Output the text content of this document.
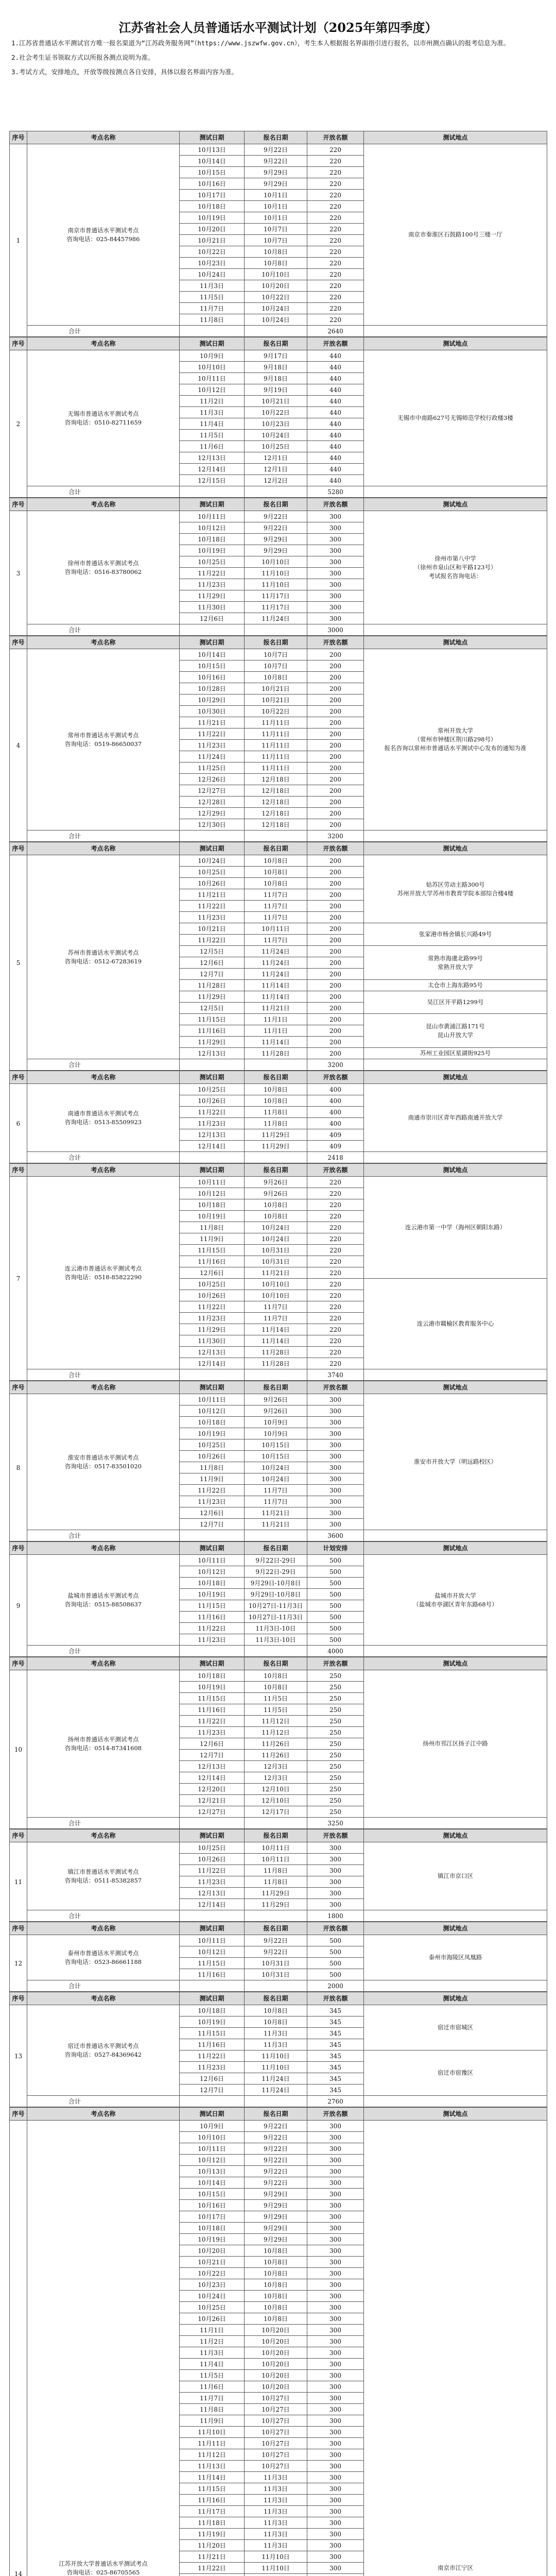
江苏省社会人员普通话水平测试计划（2025年第四季度）

1.江苏省普通话水平测试官方唯一报名渠道为“江苏政务服务网”（https://www.jszwfw.gov.cn），考生本人根据报名界面指引进行报名，以市州测点确认的报考信息为准。

2.社会考生证书领取方式以所报各测点说明为准。

3.考试方式，安排地点，开放等级按测点各自安排，具体以报名界面内容为准。

序号	考点名称	测试日期	报名日期	开放名额	测试地点
1	南京市普通话水平测试考点
咨询电话：025-84457986	10月13日	9月22日	220	南京市秦淮区石鼓路100号三楼一厅
		10月14日	9月22日	220	
		10月15日	9月29日	220	
		10月16日	9月29日	220	
		10月17日	10月1日	220	
		10月18日	10月1日	220	
		10月19日	10月1日	220	
		10月20日	10月7日	220	
		10月21日	10月7日	220	
		10月22日	10月8日	220	
		10月23日	10月8日	220	
		10月24日	10月10日	220	
		11月3日	10月20日	220	
		11月5日	10月22日	220	
		11月7日	10月24日	220	
		11月8日	10月24日	220	
	合计			2640	
序号	考点名称	测试日期	报名日期	开放名额	测试地点
2	无锡市普通话水平测试考点
咨询电话：0510-82711659	10月9日	9月17日	440	无锡市中南路627号无锡师范学校行政楼3楼
		10月10日	9月18日	440	
		10月11日	9月18日	440	
		10月12日	9月19日	440	
		11月2日	10月21日	440	
		11月3日	10月22日	440	
		11月4日	10月23日	440	
		11月5日	10月24日	440	
		11月6日	10月25日	440	
		12月13日	12月1日	440	
		12月14日	12月1日	440	
		12月15日	12月2日	440	
	合计			5280	
序号	考点名称	测试日期	报名日期	开放名额	测试地点
3	徐州市普通话水平测试考点
咨询电话：0516-83780062	10月11日	9月22日	300	徐州市第八中学
（徐州市泉山区和平路123号）
考试报名咨询电话：
		10月12日	9月22日	300	
		10月18日	9月29日	300	
		10月19日	9月29日	300	
		10月25日	10月10日	300	
		11月22日	11月10日	300	
		11月23日	11月10日	300	
		11月29日	11月17日	300	
		11月30日	11月17日	300	
		12月6日	11月24日	300	
	合计			3000	
序号	考点名称	测试日期	报名日期	开放名额	测试地点
4	常州市普通话水平测试考点
咨询电话：0519-86650037	10月14日	10月7日	200	常州开放大学
（常州市钟楼区荆川路298号）
报名咨询以常州市普通话水平测试中心发布的通知为准
		10月15日	10月7日	200	
		10月16日	10月8日	200	
		10月28日	10月21日	200	
		10月29日	10月21日	200	
		10月30日	10月22日	200	
		11月21日	11月11日	200	
		11月22日	11月11日	200	
		11月23日	11月11日	200	
		11月24日	11月11日	200	
		11月25日	11月11日	200	
		12月26日	12月18日	200	
		12月27日	12月18日	200	
		12月28日	12月18日	200	
		12月29日	12月18日	200	
		12月30日	12月18日	200	
	合计			3200	
序号	考点名称	测试日期	报名日期	开放名额	测试地点
5	苏州市普通话水平测试考点
咨询电话：0512-67283619	10月24日	10月8日	200	姑苏区劳动主路300号
苏州开放大学苏州市教育学院本部综合楼4楼
		10月25日	10月8日	200	
		10月26日	10月8日	200	
		11月21日	11月7日	200	
		11月22日	11月7日	200	
		11月23日	11月7日	200	
		10月21日	10月11日	200	张家港市杨舍镇长兴路49号
		11月22日	11月7日	200	
		12月5日	11月24日	200	常熟市海虞北路99号
常熟开放大学
		12月6日	11月24日	200	
		12月7日	11月24日	200	
		11月28日	11月14日	200	太仓市上海东路95号
		11月29日	11月14日	200	吴江区开平路1299号
		12月5日	11月21日	200	
		11月15日	11月1日	200	昆山市黄浦江路171号
昆山开放大学
		11月16日	11月1日	200	
		11月29日	11月14日	200	
		12月13日	11月28日	200	苏州工业园区星湖街925号
	合计			3200	
序号	考点名称	测试日期	报名日期	开放名额	测试地点
6	南通市普通话水平测试考点
咨询电话：0513-85509923	10月25日	10月8日	400	南通市崇川区青年西路南通开放大学
		10月26日	10月8日	400	
		11月22日	11月8日	400	
		11月23日	11月8日	400	
		12月13日	11月29日	409	
		12月14日	11月29日	409	
	合计			2418	
序号	考点名称	测试日期	报名日期	开放名额	测试地点
7	连云港市普通话水平测试考点
咨询电话：0518-85822290	10月11日	9月26日	220	连云港市第一中学（海州区朝阳东路）
		10月12日	9月26日	220	
		10月18日	10月8日	220	
		10月19日	10月8日	220	
		11月8日	10月24日	220	
		11月9日	10月24日	220	
		11月15日	10月31日	220	
		11月16日	10月31日	220	
		12月6日	11月21日	220	
		10月25日	10月10日	220	连云港市赣榆区教育服务中心
		10月26日	10月10日	220	
		11月22日	11月7日	220	
		11月23日	11月7日	220	
		11月29日	11月14日	220	
		11月30日	11月14日	220	
		12月13日	11月28日	220	
		12月14日	11月28日	220	
	合计			3740	
序号	考点名称	测试日期	报名日期	开放名额	测试地点
8	淮安市普通话水平测试考点
咨询电话：0517-83501020	10月11日	9月26日	300	淮安市开放大学（明远路校区）
		10月12日	9月26日	300	
		10月18日	10月9日	300	
		10月19日	10月9日	300	
		10月25日	10月15日	300	
		10月26日	10月15日	300	
		11月8日	10月24日	300	
		11月9日	10月24日	300	
		11月22日	11月7日	300	
		11月23日	11月7日	300	
		12月6日	11月21日	300	
		12月7日	11月21日	300	
	合计			3600	
序号	考点名称	测试日期	报名日期	计划安排	测试地点
9	盐城市普通话水平测试考点
咨询电话：0515-88508637	10月11日	9月22日-29日	500	盐城市开放大学
（盐城市亭湖区青年东路68号）
		10月12日	9月22日-29日	500	
		10月18日	9月29日-10月8日	500	
		10月19日	9月29日-10月8日	500	
		11月15日	10月27日-11月3日	500	
		11月16日	10月27日-11月3日	500	
		11月22日	11月3日-10日	500	
		11月23日	11月3日-10日	500	
	合计			4000	
序号	考点名称	测试日期	报名日期	开放名额	测试地点
10	扬州市普通话水平测试考点
咨询电话：0514-87341608	10月18日	10月8日	250	扬州市邗江区扬子江中路
		10月19日	10月8日	250	
		11月15日	11月5日	250	
		11月16日	11月5日	250	
		11月22日	11月12日	250	
		11月23日	11月12日	250	
		12月6日	11月26日	250	
		12月7日	11月26日	250	
		12月13日	12月3日	250	
		12月14日	12月3日	250	
		12月20日	12月10日	250	
		12月21日	12月10日	250	
		12月27日	12月17日	250	
	合计			3250	
序号	考点名称	测试日期	报名日期	开放名额	测试地点
11	镇江市普通话水平测试考点
咨询电话：0511-85382857	10月25日	10月11日	300	镇江市京口区
		10月26日	10月11日	300	
		11月22日	11月8日	300	
		11月23日	11月8日	300	
		12月13日	11月29日	300	
		12月14日	11月29日	300	
	合计			1800	
序号	考点名称	测试日期	报名日期	开放名额	测试地点
12	泰州市普通话水平测试考点
咨询电话：0523-86661188	10月11日	9月22日	500	泰州市海陵区凤凰路
		10月12日	9月22日	500	
		11月15日	10月31日	500	
		11月16日	10月31日	500	
	合计			2000	
序号	考点名称	测试日期	报名日期	开放名额	测试地点
13	宿迁市普通话水平测试考点
咨询电话：0527-84369642	10月18日	10月8日	345	宿迁市宿城区
		10月19日	10月8日	345	
		11月15日	11月3日	345	
		11月16日	11月3日	345	
		11月22日	11月10日	345	宿迁市宿豫区
		11月23日	11月10日	345	
		12月6日	11月24日	345	
		12月7日	11月24日	345	
	合计			2760	
序号	考点名称	测试日期	报名日期	开放名额	测试地点
14	江苏开放大学普通话水平测试考点
咨询电话：025-86705565	10月9日	9月22日	300	南京市江宁区
		10月10日	9月22日	300	
		10月11日	9月22日	300	
		10月12日	9月22日	300	
		10月13日	9月22日	300	
		10月14日	9月22日	300	
		10月15日	9月29日	300	
		10月16日	9月29日	300	
		10月17日	9月29日	300	
		10月18日	9月29日	300	
		10月19日	9月29日	300	
		10月20日	10月8日	300	
		10月21日	10月8日	300	
		10月22日	10月8日	300	
		10月23日	10月8日	300	
		10月24日	10月8日	300	
		10月25日	10月8日	300	
		10月26日	10月8日	300	
		11月1日	10月20日	300	
		11月2日	10月20日	300	
		11月3日	10月20日	300	
		11月4日	10月20日	300	
		11月5日	10月20日	300	
		11月6日	10月20日	300	
		11月7日	10月27日	300	
		11月8日	10月27日	300	
		11月9日	10月27日	300	
		11月10日	10月27日	300	
		11月11日	10月27日	300	
		11月12日	10月27日	300	
		11月13日	10月27日	300	
		11月14日	11月3日	300	
		11月15日	11月3日	300	
		11月16日	11月3日	300	
		11月17日	11月3日	300	
		11月18日	11月3日	300	
		11月19日	11月3日	300	
		11月20日	11月3日	300	
		11月21日	11月10日	300	
		11月22日	11月10日	300	
